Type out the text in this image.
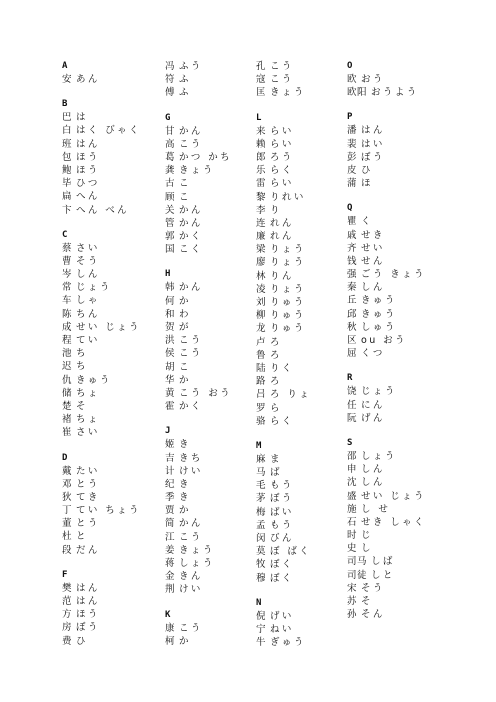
A
安 あん
B
巴 は
白 はく びゃく
班 はん
包 ほう
鲍 ほう
毕 ひつ
扁 へん
卞 へん べん
C
蔡 さい
曹 そう
岑 しん
常 じょう
车 しゃ
陈 ちん
成 せい じょう
程 てい
池 ち
迟 ち
仇 きゅう
储 ちょ
楚 そ
褚 ちょ
崔 さい
D
戴 たい
邓 とう
狄 てき
丁 てい ちょう
董 とう
杜 と
段 だん
F
樊 はん
范 はん
方 ほう
房 ぼう
费 ひ
冯 ふう
符 ふ
傅 ふ
G
甘 かん
高 こう
葛 かつ かち
龚 きょう
古 こ
顾 こ
关 かん
管 かん
郭 かく
国 こく
H
韩 かん
何 か
和 わ
贺 が
洪 こう
侯 こう
胡 こ
华 か
黄 こう おう
霍 かく
J
姬 き
吉 きち
计 けい
纪 き
季 き
贾 か
简 かん
江 こう
姜 きょう
蒋 しょう
金 きん
荆 けい
K
康 こう
柯 か
孔 こう
寇 こう
匡 きょう
L
来 らい
赖 らい
郎 ろう
乐 らく
雷 らい
黎 りれい
李 り
连 れん
廉 れん
梁 りょう
廖 りょう
林 りん
凌 りょう
刘 りゅう
柳 りゅう
龙 りゅう
卢 ろ
鲁 ろ
陆 りく
路 ろ
吕 ろ りょ
罗 ら
骆 らく
M
麻 ま
马 ば
毛 もう
茅 ぼう
梅 ばい
孟 もう
闵 びん
莫 ぼ ばく
牧 ぼく
穆 ぼく
N
倪 げい
宁 ねい
牛 ぎゅう
O
欧 おう
欧阳 おうよう
P
潘 はん
裴 はい
彭 ぼう
皮 ひ
蒲 ほ
Q
瞿 く
戚 せき
齐 せい
钱 せん
强 ごう きょう
秦 しん
丘 きゅう
邱 きゅう
秋 しゅう
区 ou おう
屈 くつ
R
饶 じょう
任 にん
阮 げん
S
邵 しょう
申 しん
沈 しん
盛 せい じょう
施 し せ
石 せき しゃく
时 じ
史 し
司马 しば
司徒 しと
宋 そう
苏 そ
孙 そん
